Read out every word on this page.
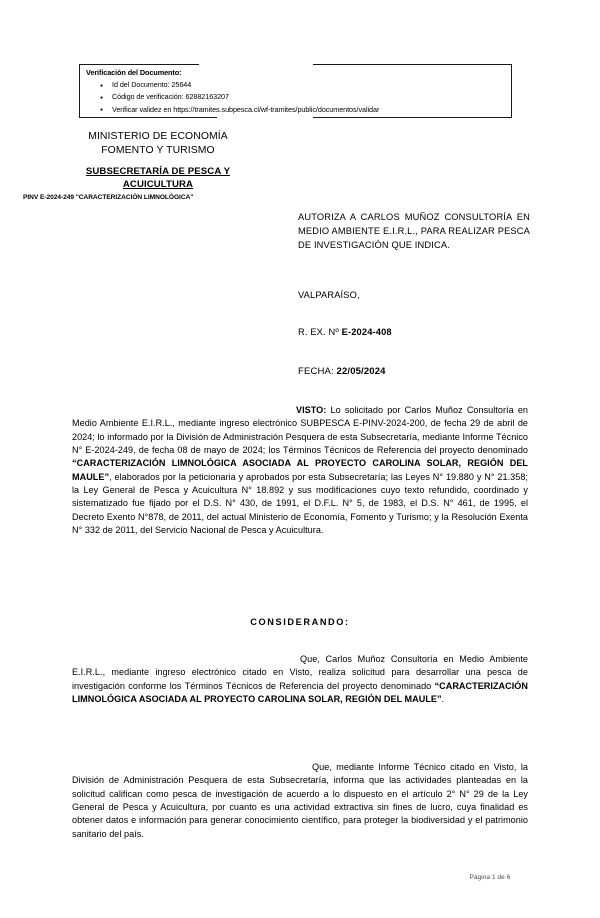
Verificación del Documento:
● Id del Documento: 25644
● Código de verificación: 62882163207
● Verificar validez en https://tramites.subpesca.cl/wf-tramites/public/documentos/validar
MINISTERIO DE ECONOMÍA
FOMENTO Y TURISMO
SUBSECRETARÍA DE PESCA Y
ACUICULTURA
PINV E-2024-249 "CARACTERIZACIÓN LIMNOLÓGICA"
AUTORIZA A CARLOS MUÑOZ CONSULTORÍA EN MEDIO AMBIENTE E.I.R.L., PARA REALIZAR PESCA DE INVESTIGACIÓN QUE INDICA.
VALPARAÍSO,
R. EX. Nº E-2024-408
FECHA: 22/05/2024
VISTO: Lo solicitado por Carlos Muñoz Consultoría en Medio Ambiente E.I.R.L., mediante ingreso electrónico SUBPESCA E-PINV-2024-200, de fecha 29 de abril de 2024; lo informado por la División de Administración Pesquera de esta Subsecretaría, mediante Informe Técnico N° E-2024-249, de fecha 08 de mayo de 2024; los Términos Técnicos de Referencia del proyecto denominado “CARACTERIZACIÓN LIMNOLÓGICA ASOCIADA AL PROYECTO CAROLINA SOLAR, REGIÓN DEL MAULE”, elaborados por la peticionaria y aprobados por esta Subsecretaría; las Leyes N° 19.880 y N° 21.358; la Ley General de Pesca y Acuicultura N° 18.892 y sus modificaciones cuyo texto refundido, coordinado y sistematizado fue fijado por el D.S. N° 430, de 1991, el D.F.L. N° 5, de 1983, el D.S. N° 461, de 1995, el Decreto Exento N°878, de 2011, del actual Ministerio de Economía, Fomento y Turismo; y la Resolución Exenta N° 332 de 2011, del Servicio Nacional de Pesca y Acuicultura.
CONSIDERANDO:
Que, Carlos Muñoz Consultoría en Medio Ambiente E.I.R.L., mediante ingreso electrónico citado en Visto, realiza solicitud para desarrollar una pesca de investigación conforme los Términos Técnicos de Referencia del proyecto denominado “CARACTERIZACIÓN LIMNOLÓGICA ASOCIADA AL PROYECTO CAROLINA SOLAR, REGIÓN DEL MAULE”.
Que, mediante Informe Técnico citado en Visto, la División de Administración Pesquera de esta Subsecretaría, informa que las actividades planteadas en la solicitud califican como pesca de investigación de acuerdo a lo dispuesto en el artículo 2° N° 29 de la Ley General de Pesca y Acuicultura, por cuanto es una actividad extractiva sin fines de lucro, cuya finalidad es obtener datos e información para generar conocimiento científico, para proteger la biodiversidad y el patrimonio sanitario del país.
Página 1 de 6
